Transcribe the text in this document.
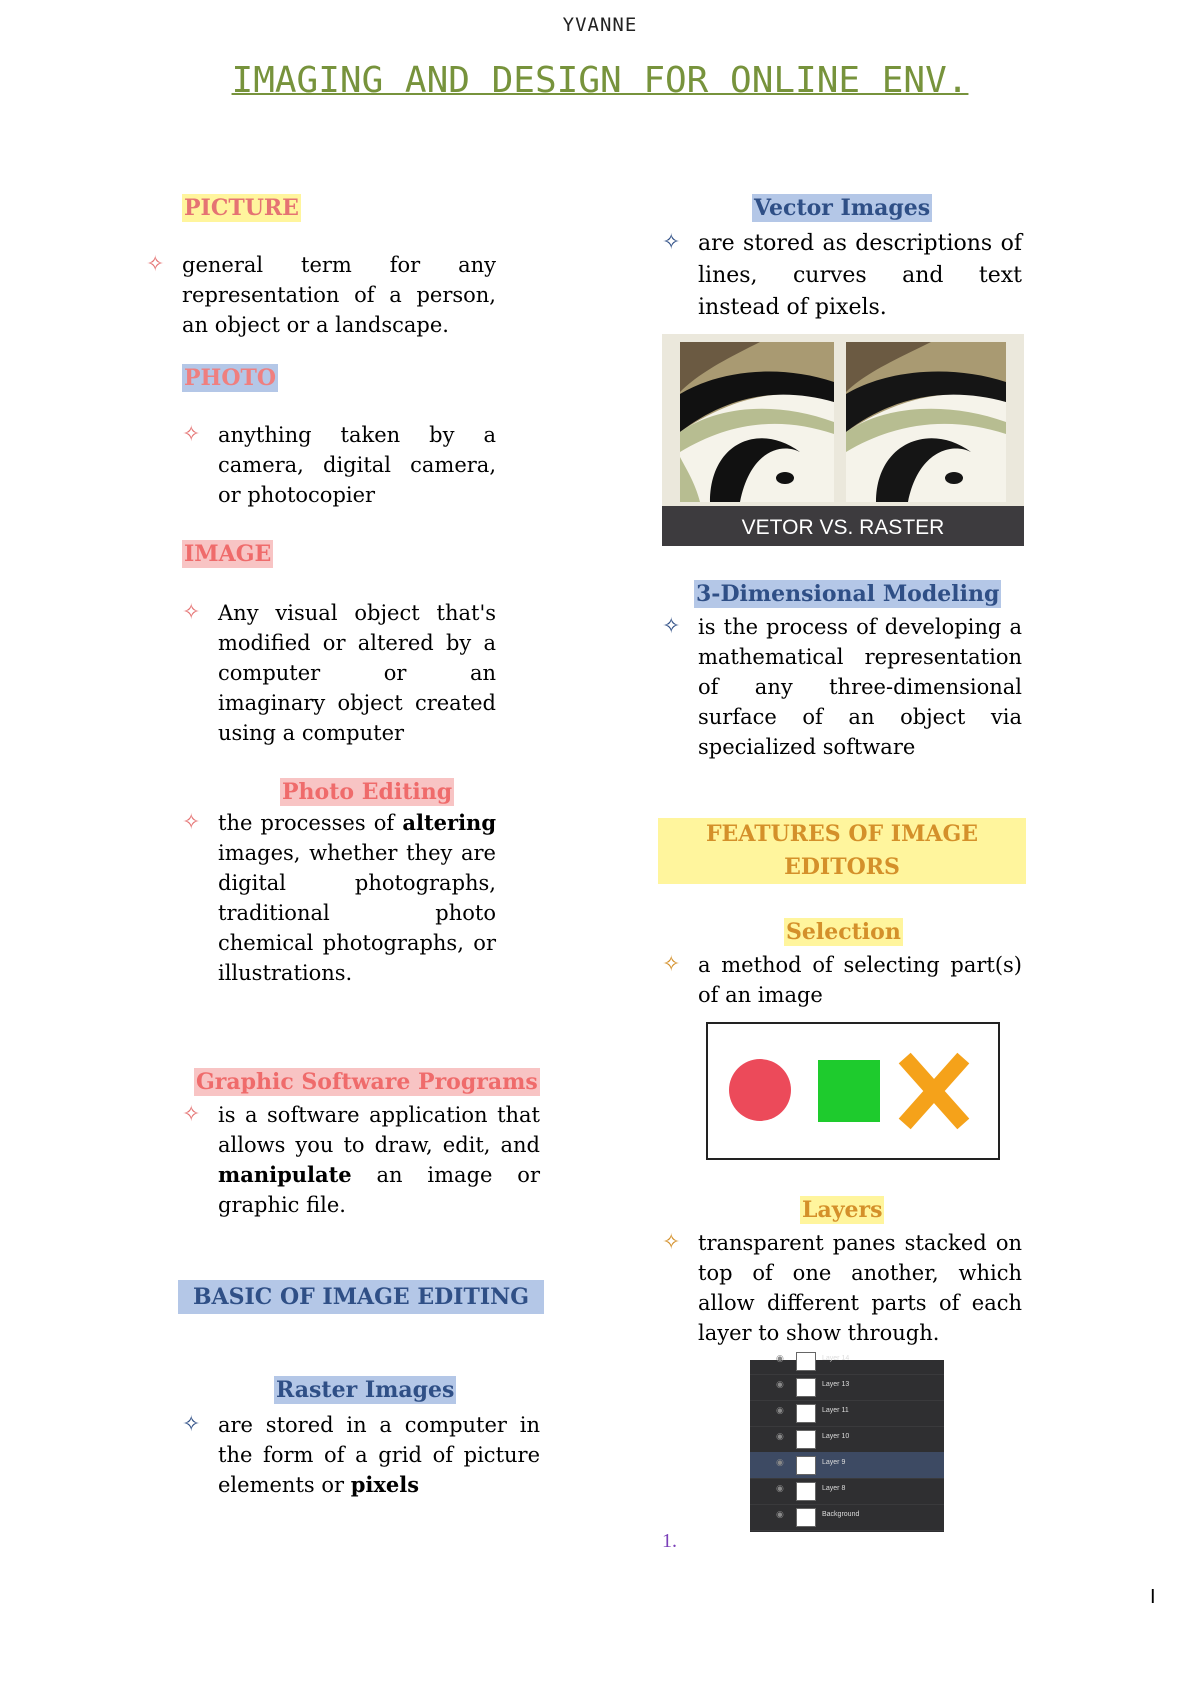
YVANNE
IMAGING AND DESIGN FOR ONLINE ENV.
PICTURE
✧ general term for any representation of a person, an object or a landscape.
PHOTO
✧ anything taken by a camera, digital camera, or photocopier
IMAGE
✧ Any visual object that's modified or altered by a computer or an imaginary object created using a computer
Photo Editing
✧ the processes of altering images, whether they are digital photographs, traditional photo chemical photographs, or illustrations.
Graphic Software Programs
✧ is a software application that allows you to draw, edit, and manipulate an image or graphic file.
BASIC OF IMAGE EDITING
Raster Images
✧ are stored in a computer in the form of a grid of picture elements or pixels
Vector Images
✧ are stored as descriptions of lines, curves and text instead of pixels.
VETOR VS. RASTER
3-Dimensional Modeling
✧ is the process of developing a mathematical representation of any three-dimensional surface of an object via specialized software
FEATURES OF IMAGE EDITORS
Selection
✧ a method of selecting part(s) of an image
Layers
✧ transparent panes stacked on top of one another, which allow different parts of each layer to show through.
◉	Layer 14
◉	Layer 13
◉	Layer 11
◉	Layer 10
◉	Layer 9
◉	Layer 8
◉	Background
1.
I
